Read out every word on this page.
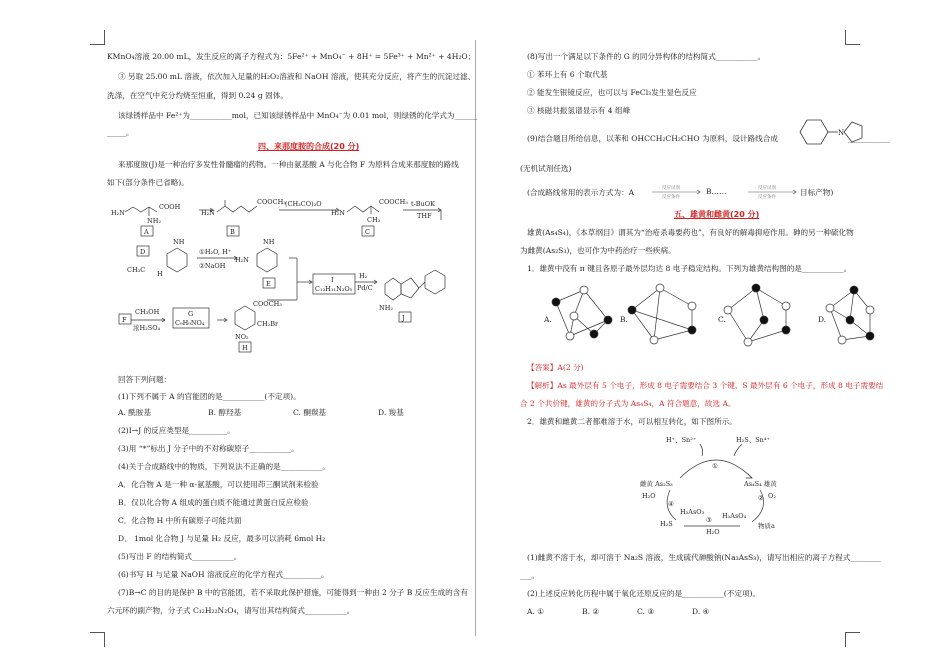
KMnO₄溶液 20.00 mL，发生反应的离子方程式为：5Fe²⁺ + MnO₄⁻ + 8H⁺ = 5Fe³⁺ + Mn²⁺ + 4H₂O；
③ 另取 25.00 mL 溶液，依次加入足量的H₂O₂溶液和 NaOH 溶液，使其充分反应，将产生的沉淀过滤、
洗涤，在空气中充分灼烧至恒重，得到 0.24 g 固体。
该绿锈样品中 Fe²⁺为___________mol，已知该绿锈样品中 MnO₄⁻为 0.01 mol，则绿锈的化学式为______
_____。
四、来那度胺的合成(20 分)
来那度胺(J)是一种治疗多发性骨髓瘤的药物。一种由氨基酸 A 与化合物 F 为原料合成来那度胺的路线
如下(部分条件已省略)。
H₂N
COOH
NH₂
A
H₂N
COOCH₃
B
(CH₃CO)₂O
H₂N
COOCH₃
CH₃
C
t-BuOK
THF
D
CH₃C H
NH
①H₂O, H⁺
②NaOH
H₂N
NH
E
F
CH₃OH
浓H₂SO₄
G
C₉H₉NO₄
COOCH₃
CH₂Br
NO₂
H
I
C₁₃H₁₁N₃O₅
H₂
Pd/C
NH₂
J
回答下列问题：
(1)下列不属于 A 的官能团的是___________(不定项)。
A. 酰胺基	B. 醇羟基	C. 酮羰基	D. 羧基
(2)I→J 的反应类型是__________。
(3)用 “*”标出 J 分子中的不对称碳原子___________。
(4)关于合成路线中的物质，下列说法不正确的是___________。
A．化合物 A 是一种 α-氨基酸，可以使用茚三酮试剂来检验
B．仅以化合物 A 组成的蛋白质不能通过黄蛋白反应检验
C．化合物 H 中所有碳原子可能共面
D． 1mol 化合物 J 与足量 H₂ 反应，最多可以消耗 6mol H₂
(5)写出 F 的结构简式___________。
(6)书写 H 与足量 NaOH 溶液反应的化学方程式__________。
(7)B→C 的目的是保护 B 中的官能团，若不采取此保护措施，可能得到一种由 2 分子 B 反应生成的含有
六元环的副产物，分子式 C₁₂H₂₂N₂O₄，请写出其结构简式___________。
(8)写出一个满足以下条件的 G 的同分异构体的结构简式___________。
① 苯环上有 6 个取代基
② 能发生银镜反应，也可以与 FeCl₃发生显色反应
③ 核磁共振氢谱显示有 4 组峰
(9)结合题目所给信息，以苯和 OHCCH₂CH₂CHO 为原料，设计路线合成
N
___________
(无机试剂任选)
(合成路线常用的表示方式为：A	反应试剂
反应条件
反应试剂
反应条件
B……	目标产物)
五、雄黄和雌黄(20 分)
雄黄(As₄S₄)，《本草纲目》谓其为“治疮杀毒要药也”，有良好的解毒抑疮作用。砷的另一种硫化物
为雌黄(As₂S₃)，也可作为中药治疗一些疾病。
1．雄黄中没有 π 键且各原子最外层均达 8 电子稳定结构。下列为雄黄结构图的是___________。
A.	B.	C.	D.
【答案】A(2 分)
【解析】As 最外层有 5 个电子，形成 8 电子需要结合 3 个键，S 最外层有 6 个电子，形成 8 电子需要结
合 2 个共价键，雄黄的分子式为 As₄S₄，A 符合题意，故选 A。
2．雄黄和雌黄二者都难溶于水，可以相互转化，如下图所示。
H⁺、Sn²⁺	H₂S、Sn⁴⁺
①
雌黄 As₂S₃	As₄S₄ 雄黄
H₂O
④
H₃AsO₃
② O₂
H₂S	③ H₃AsO₄
物质a
H₂O
(1)雌黄不溶于水，却可溶于 Na₂S 溶液，生成硫代砷酸钠(Na₃AsS₃)，请写出相应的离子方程式________
___。
(2)上述反应转化历程中属于氧化还原反应的是___________(不定项)。
A. ①	B. ②	C. ③	D. ④
